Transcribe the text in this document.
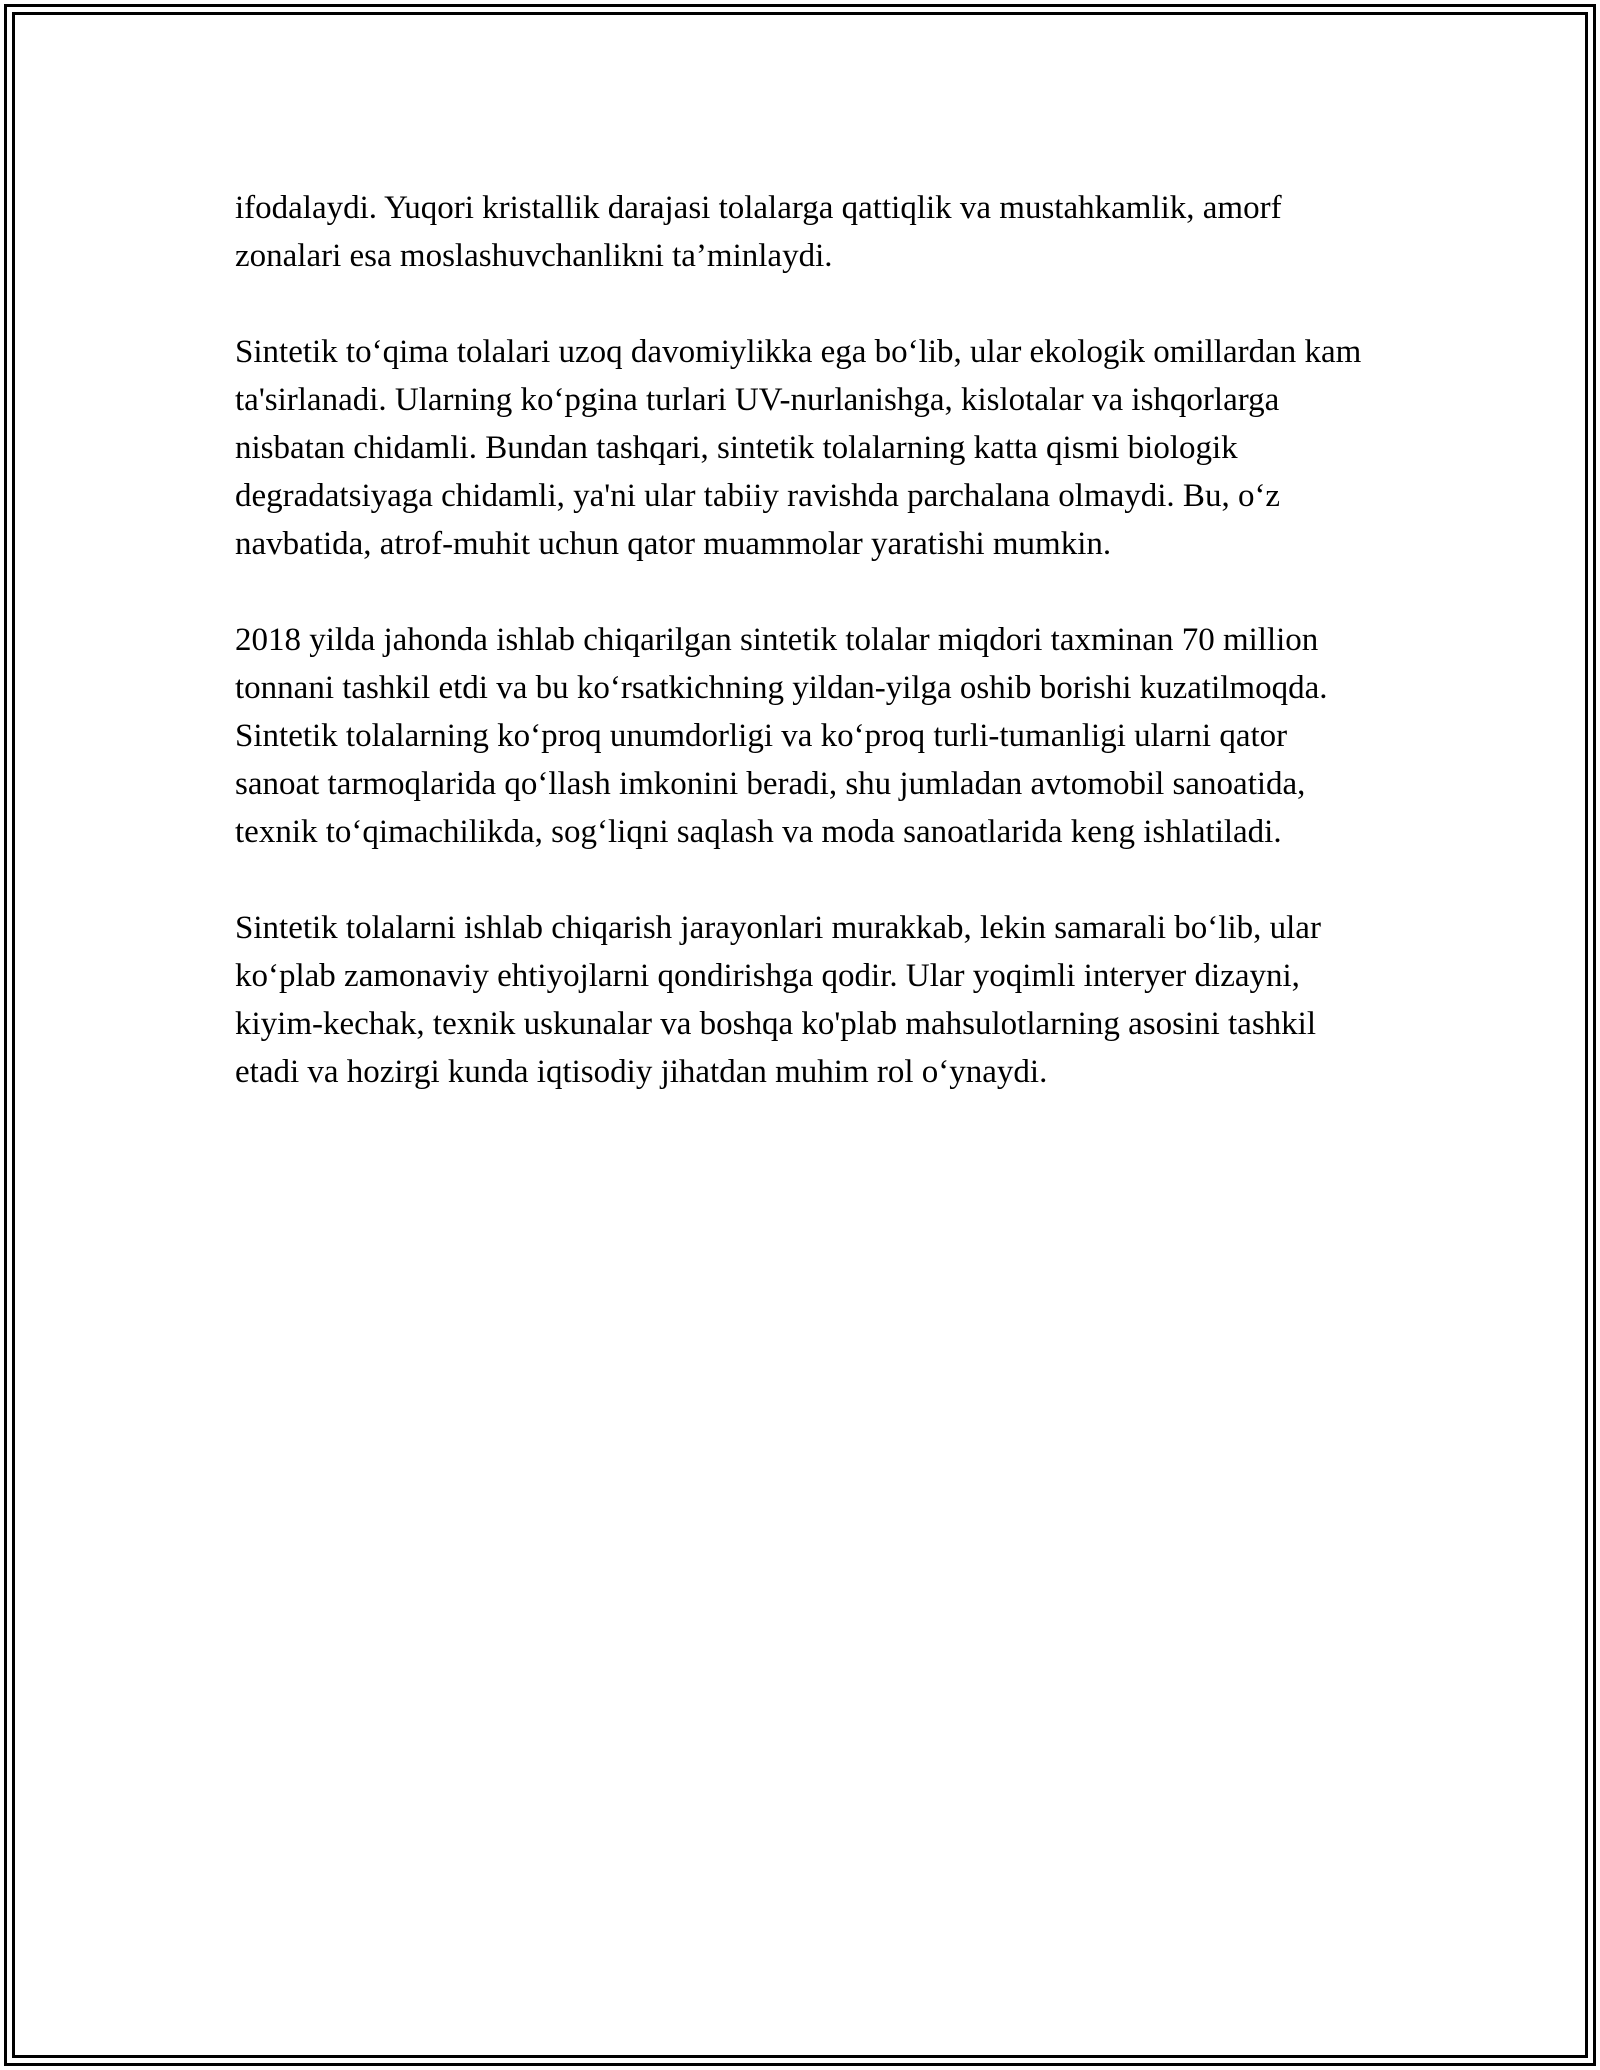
ifodalaydi. Yuqori kristallik darajasi tolalarga qattiqlik va mustahkamlik, amorf zonalari esa moslashuvchanlikni ta’minlaydi.

Sintetik to‘qima tolalari uzoq davomiylikka ega bo‘lib, ular ekologik omillardan kam ta'sirlanadi. Ularning ko‘pgina turlari UV-nurlanishga, kislotalar va ishqorlarga nisbatan chidamli. Bundan tashqari, sintetik tolalarning katta qismi biologik degradatsiyaga chidamli, ya'ni ular tabiiy ravishda parchalana olmaydi. Bu, o‘z navbatida, atrof-muhit uchun qator muammolar yaratishi mumkin.

2018 yilda jahonda ishlab chiqarilgan sintetik tolalar miqdori taxminan 70 million tonnani tashkil etdi va bu ko‘rsatkichning yildan-yilga oshib borishi kuzatilmoqda. Sintetik tolalarning ko‘proq unumdorligi va ko‘proq turli-tumanligi ularni qator sanoat tarmoqlarida qo‘llash imkonini beradi, shu jumladan avtomobil sanoatida, texnik to‘qimachilikda, sog‘liqni saqlash va moda sanoatlarida keng ishlatiladi.

Sintetik tolalarni ishlab chiqarish jarayonlari murakkab, lekin samarali bo‘lib, ular ko‘plab zamonaviy ehtiyojlarni qondirishga qodir. Ular yoqimli interyer dizayni, kiyim-kechak, texnik uskunalar va boshqa ko'plab mahsulotlarning asosini tashkil etadi va hozirgi kunda iqtisodiy jihatdan muhim rol o‘ynaydi.
